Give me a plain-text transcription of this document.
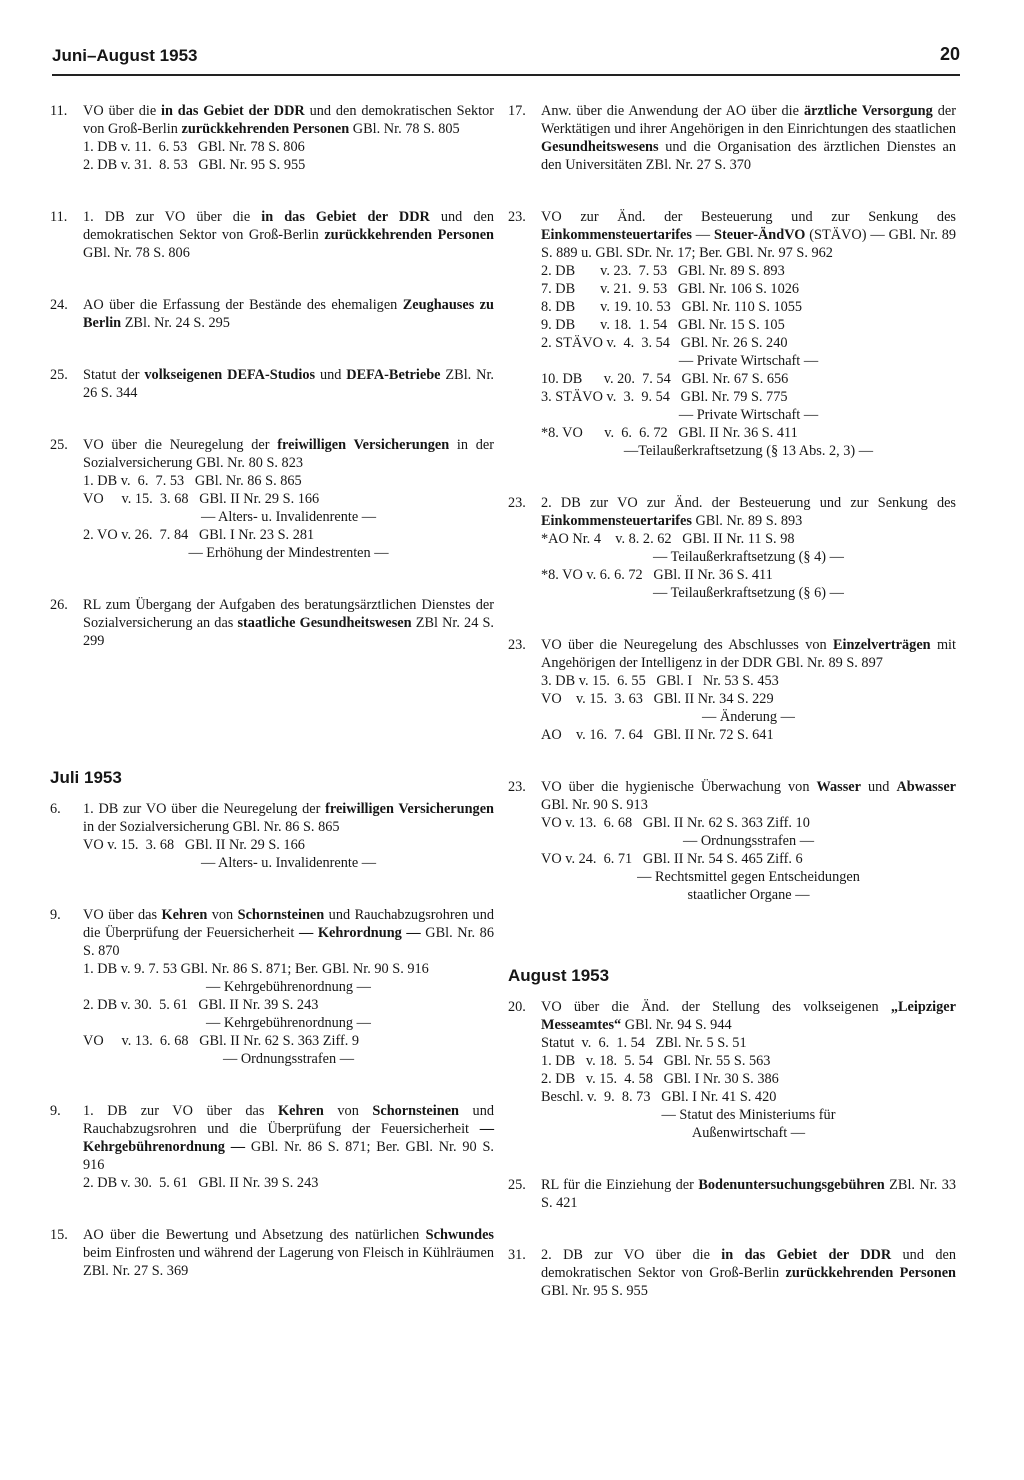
Juni–August 1953	20
11.	VO über die in das Gebiet der DDR und den demokratischen Sektor von Groß-Berlin zurückkehrenden Personen GBl. Nr. 78 S. 805
1. DB v. 11.  6. 53   GBl. Nr. 78 S. 806
2. DB v. 31.  8. 53   GBl. Nr. 95 S. 955
11.	1. DB zur VO über die in das Gebiet der DDR und den demokratischen Sektor von Groß-Berlin zurückkehrenden Personen GBl. Nr. 78 S. 806
24.	AO über die Erfassung der Bestände des ehemaligen Zeughauses zu Berlin ZBl. Nr. 24 S. 295
25.	Statut der volkseigenen DEFA-Studios und DEFA-Betriebe ZBl. Nr. 26 S. 344
25.	VO über die Neuregelung der freiwilligen Versicherungen in der Sozialversicherung GBl. Nr. 80 S. 823
1. DB v.  6.  7. 53   GBl. Nr. 86 S. 865
VO     v. 15.  3. 68   GBl. II Nr. 29 S. 166
— Alters- u. Invalidenrente —
2. VO v. 26.  7. 84   GBl. I Nr. 23 S. 281
— Erhöhung der Mindestrenten —
26.	RL zum Übergang der Aufgaben des beratungsärztlichen Dienstes der Sozialversicherung an das staatliche Gesundheitswesen ZBl Nr. 24 S. 299
Juli 1953
6.	1. DB zur VO über die Neuregelung der freiwilligen Versicherungen in der Sozialversicherung GBl. Nr. 86 S. 865
VO v. 15.  3. 68   GBl. II Nr. 29 S. 166
— Alters- u. Invalidenrente —
9.	VO über das Kehren von Schornsteinen und Rauchabzugsrohren und die Überprüfung der Feuersicherheit — Kehrordnung — GBl. Nr. 86 S. 870
1. DB v. 9. 7. 53 GBl. Nr. 86 S. 871; Ber. GBl. Nr. 90 S. 916
— Kehrgebührenordnung —
2. DB v. 30.  5. 61   GBl. II Nr. 39 S. 243
— Kehrgebührenordnung —
VO     v. 13.  6. 68   GBl. II Nr. 62 S. 363 Ziff. 9
— Ordnungsstrafen —
9.	1. DB zur VO über das Kehren von Schornsteinen und Rauchabzugsrohren und die Überprüfung der Feuersicherheit — Kehrgebührenordnung — GBl. Nr. 86 S. 871; Ber. GBl. Nr. 90 S. 916
2. DB v. 30.  5. 61   GBl. II Nr. 39 S. 243
15.	AO über die Bewertung und Absetzung des natürlichen Schwundes beim Einfrosten und während der Lagerung von Fleisch in Kühlräumen ZBl. Nr. 27 S. 369
17.	Anw. über die Anwendung der AO über die ärztliche Versorgung der Werktätigen und ihrer Angehörigen in den Einrichtungen des staatlichen Gesundheitswesens und die Organisation des ärztlichen Dienstes an den Universitäten ZBl. Nr. 27 S. 370
23.	VO zur Änd. der Besteuerung und zur Senkung des Einkommensteuertarifes — Steuer-ÄndVO (STÄVO) — GBl. Nr. 89 S. 889 u. GBl. SDr. Nr. 17; Ber. GBl. Nr. 97 S. 962
2. DB       v. 23.  7. 53   GBl. Nr. 89 S. 893
7. DB       v. 21.  9. 53   GBl. Nr. 106 S. 1026
8. DB       v. 19. 10. 53   GBl. Nr. 110 S. 1055
9. DB       v. 18.  1. 54   GBl. Nr. 15 S. 105
2. STÄVO v.  4.  3. 54   GBl. Nr. 26 S. 240
— Private Wirtschaft —
10. DB      v. 20.  7. 54   GBl. Nr. 67 S. 656
3. STÄVO v.  3.  9. 54   GBl. Nr. 79 S. 775
— Private Wirtschaft —
*8. VO      v.  6.  6. 72   GBl. II Nr. 36 S. 411
—Teilaußerkraftsetzung (§ 13 Abs. 2, 3) —
23.	2. DB zur VO zur Änd. der Besteuerung und zur Senkung des Einkommensteuertarifes GBl. Nr. 89 S. 893
*AO Nr. 4    v. 8. 2. 62   GBl. II Nr. 11 S. 98
— Teilaußerkraftsetzung (§ 4) —
*8. VO v. 6. 6. 72   GBl. II Nr. 36 S. 411
— Teilaußerkraftsetzung (§ 6) —
23.	VO über die Neuregelung des Abschlusses von Einzelverträgen mit Angehörigen der Intelligenz in der DDR GBl. Nr. 89 S. 897
3. DB v. 15.  6. 55   GBl. I   Nr. 53 S. 453
VO    v. 15.  3. 63   GBl. II Nr. 34 S. 229
— Änderung —
AO    v. 16.  7. 64   GBl. II Nr. 72 S. 641
23.	VO über die hygienische Überwachung von Wasser und Abwasser GBl. Nr. 90 S. 913
VO v. 13.  6. 68   GBl. II Nr. 62 S. 363 Ziff. 10
— Ordnungsstrafen —
VO v. 24.  6. 71   GBl. II Nr. 54 S. 465 Ziff. 6
— Rechtsmittel gegen Entscheidungen
staatlicher Organe —
August 1953
20.	VO über die Änd. der Stellung des volkseigenen „Leipziger Messeamtes“ GBl. Nr. 94 S. 944
Statut  v.  6.  1. 54   ZBl. Nr. 5 S. 51
1. DB   v. 18.  5. 54   GBl. Nr. 55 S. 563
2. DB   v. 15.  4. 58   GBl. I Nr. 30 S. 386
Beschl. v.  9.  8. 73   GBl. I Nr. 41 S. 420
— Statut des Ministeriums für
Außenwirtschaft —
25.	RL für die Einziehung der Bodenuntersuchungsgebühren ZBl. Nr. 33 S. 421
31.	2. DB zur VO über die in das Gebiet der DDR und den demokratischen Sektor von Groß-Berlin zurückkehrenden Personen GBl. Nr. 95 S. 955
